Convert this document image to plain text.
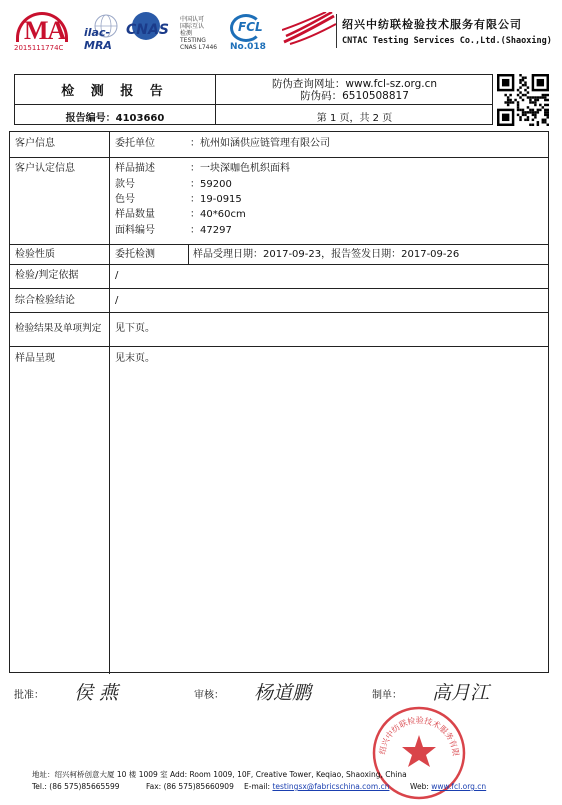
MA
2015111774C
ilac-MRA
CNAS
中国认可
国际互认
检测
TESTING
CNAS L7446
FCL
No.018
绍兴中纺联检验技术服务有限公司
CNTAC Testing Services Co.,Ltd.(Shaoxing)
检 测 报 告	防伪查询网址：www.fcl-sz.org.cn
防伪码：6510508817
报告编号：4103660	第 1 页，共 2 页
客户信息	委托单位	：杭州如涵供应链管理有限公司
客户认定信息	样品描述	：一块深咖色机织面料
款号	：59200
色号	：19-0915
样品数量	：40*60cm
面料编号	：47297
检验性质	委托检测	样品受理日期：2017-09-23，报告签发日期：2017-09-26
检验/判定依据	/
综合检验结论	/
检验结果及单项判定 见下页。
样品呈现	见末页。
批准： 侯 燕	审核： 杨道鹏	制单： 高月江
绍兴中纺联检验技术服务有限
地址：绍兴柯桥创意大厦 10 楼 1009 室 Add: Room 1009, 10F, Creative Tower, Keqiao, Shaoxing, China
Tel.: (86 575)85665599	Fax: (86 575)85660909 E-mail: testingsx@fabricschina.com.cn	Web: www.fcl.org.cn
